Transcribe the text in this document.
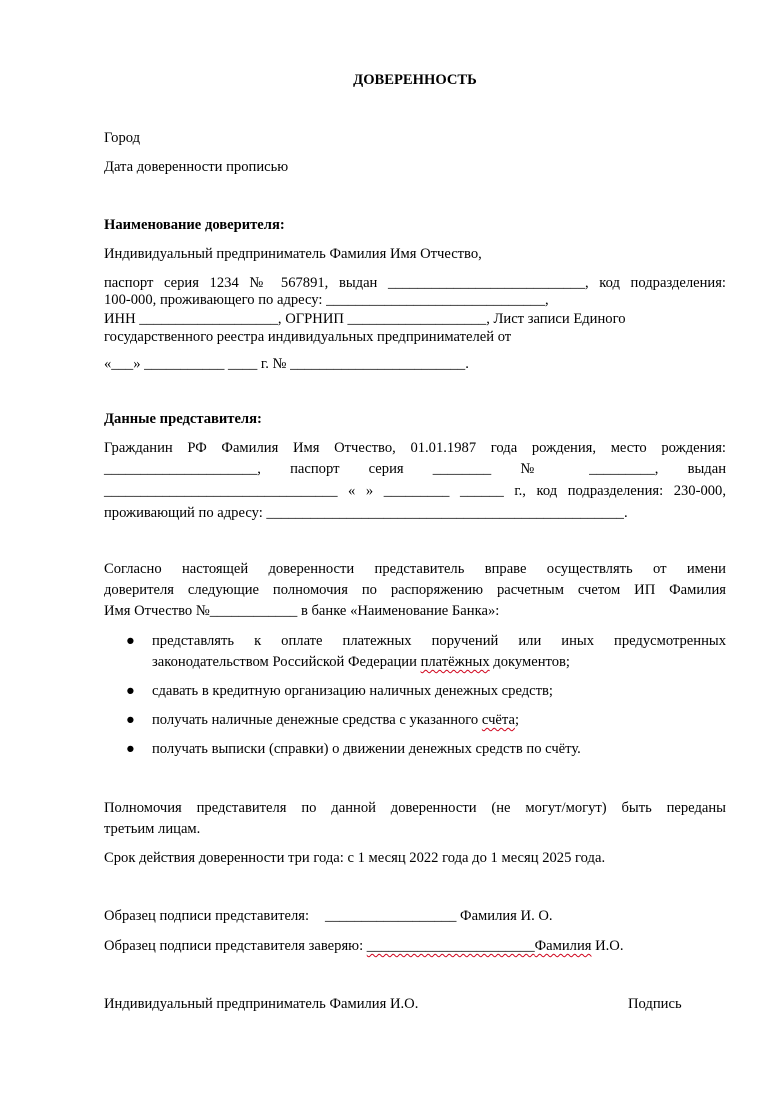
ДОВЕРЕННОСТЬ
Город
Дата доверенности прописью
Наименование доверителя:
Индивидуальный предприниматель Фамилия Имя Отчество,
паспорт серия 1234 № 567891, выдан ___________________________, код подразделения:
100-000, проживающего по адресу: ______________________________,
ИНН ___________________, ОГРНИП ___________________, Лист записи Единого
государственного реестра индивидуальных предпринимателей от
«___» ___________ ____ г. № ________________________.
Данные представителя:
Гражданин РФ Фамилия Имя Отчество, 01.01.1987 года рождения, место рождения:
_____________________, паспорт серия ________ № _________, выдан
________________________________ « » _________ ______ г., код подразделения: 230-000,
проживающий по адресу: _________________________________________________.
Согласно настоящей доверенности представитель вправе осуществлять от имени
доверителя следующие полномочия по распоряжению расчетным счетом ИП Фамилия
Имя Отчество №____________ в банке «Наименование Банка»:
● представлять к оплате платежных поручений или иных предусмотренных
законодательством Российской Федерации платёжных документов;
● сдавать в кредитную организацию наличных денежных средств;
● получать наличные денежные средства с указанного счёта;
● получать выписки (справки) о движении денежных средств по счёту.
Полномочия представителя по данной доверенности (не могут/могут) быть переданы
третьим лицам.
Срок действия доверенности три года: с 1 месяц 2022 года до 1 месяц 2025 года.
Образец подписи представителя: __________________ Фамилия И. О.
Образец подписи представителя заверяю: _______________________Фамилия И.О.
Индивидуальный предприниматель Фамилия И.О.	Подпись
